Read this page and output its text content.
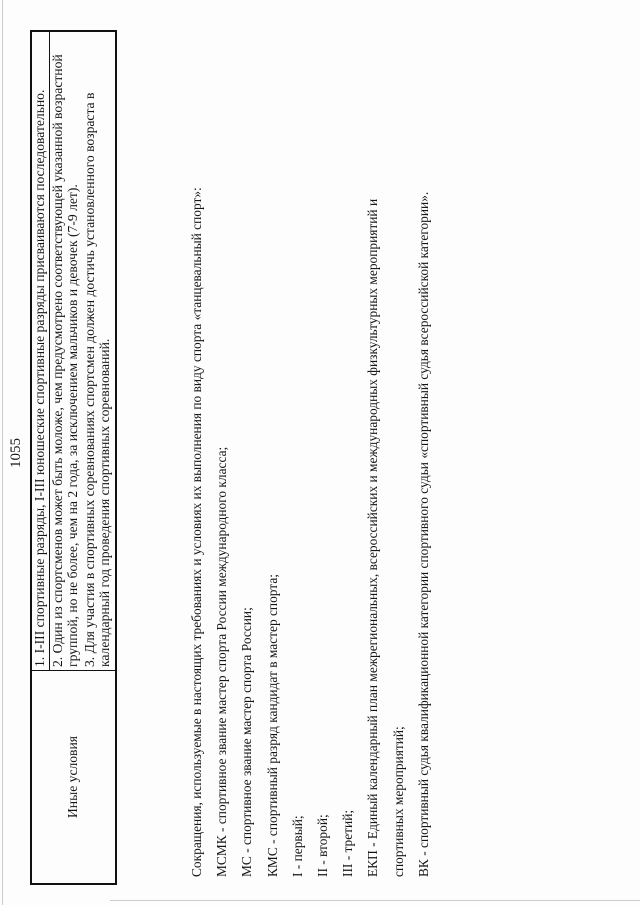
1055
Иные условия	
1. I-III спортивные разряды, I-III юношеские спортивные разряды присваиваются последовательно.

2. Один из спортсменов может быть моложе, чем предусмотрено соответствующей указанной возрастной группой, но не более, чем на 2 года, за исключением мальчиков и девочек (7-9 лет).

3. Для участия в спортивных соревнованиях спортсмен должен достичь установленного возраста в календарный год проведения спортивных соревнований.	Сокращения, используемые в настоящих требованиях и условиях их выполнения по виду спорта «танцевальный спорт»: МСМК - спортивное звание мастер спорта России международного класса; МС - спортивное звание мастер спорта России; КМС - спортивный разряд кандидат в мастер спорта; I - первый; II - второй; III - третий; ЕКП - Единый календарный план межрегиональных, всероссийских и международных физкультурных мероприятий и спортивных мероприятий; ВК - спортивный судья квалификационной категории спортивного судьи «спортивный судья всероссийской категории».
